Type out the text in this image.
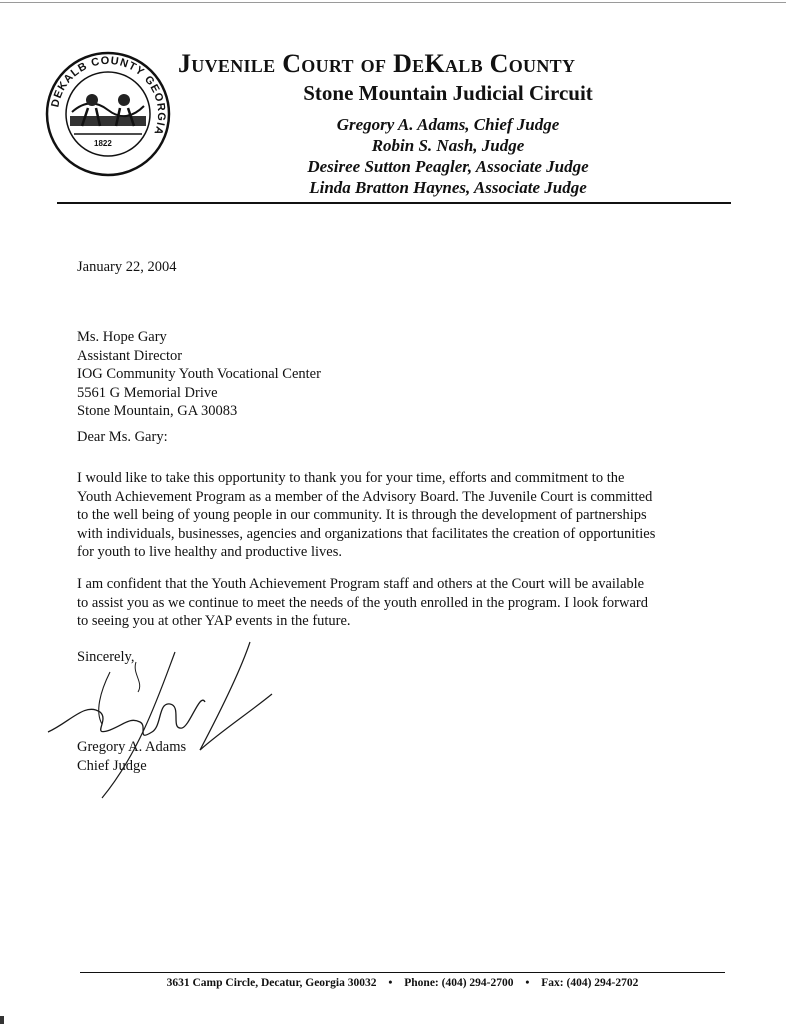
DEKALB COUNTY GEORGIA
1822
Juvenile Court of DeKalb County
Stone Mountain Judicial Circuit
Gregory A. Adams, Chief Judge
Robin S. Nash, Judge
Desiree Sutton Peagler, Associate Judge
Linda Bratton Haynes, Associate Judge
January 22, 2004
Ms. Hope Gary
Assistant Director
IOG Community Youth Vocational Center
5561 G Memorial Drive
Stone Mountain, GA 30083
Dear Ms. Gary:
I would like to take this opportunity to thank you for your time, efforts and commitment to the
Youth Achievement Program as a member of the Advisory Board. The Juvenile Court is committed
to the well being of young people in our community. It is through the development of partnerships
with individuals, businesses, agencies and organizations that facilitates the creation of opportunities
for youth to live healthy and productive lives.
I am confident that the Youth Achievement Program staff and others at the Court will be available
to assist you as we continue to meet the needs of the youth enrolled in the program. I look forward
to seeing you at other YAP events in the future.
Sincerely,
Gregory A. Adams
Chief Judge
3631 Camp Circle, Decatur, Georgia 30032 • Phone: (404) 294-2700 • Fax: (404) 294-2702
